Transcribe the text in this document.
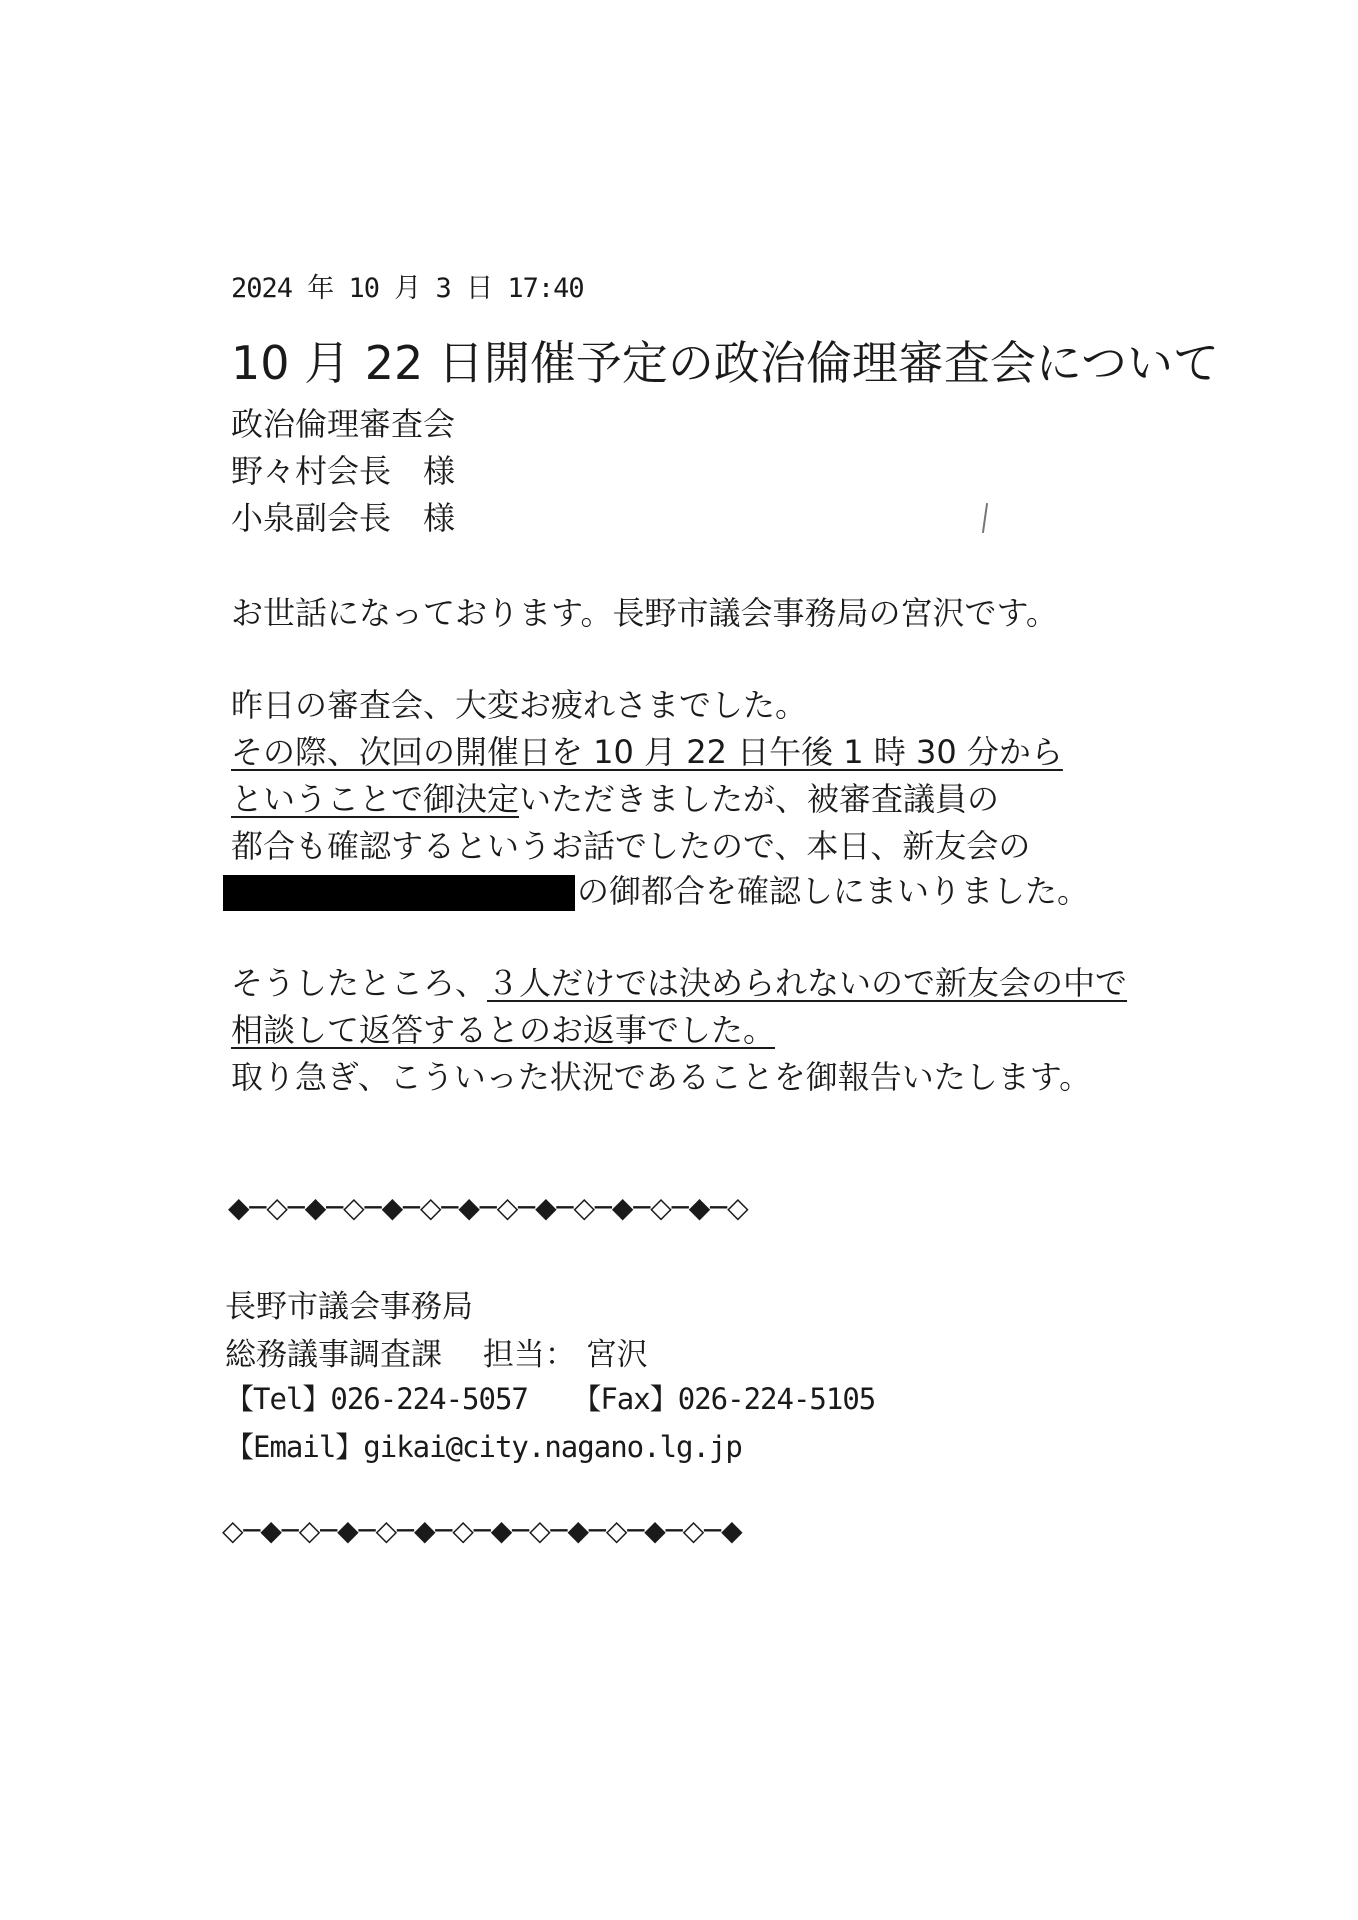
2024 年 10 月 3 日 17:40
10 月 22 日開催予定の政治倫理審査会について
政治倫理審査会
野々村会長　様
小泉副会長　様
お世話になっております。長野市議会事務局の宮沢です。
昨日の審査会、大変お疲れさまでした。
その際、次回の開催日を 10 月 22 日午後 1 時 30 分から
ということで御決定いただきましたが、被審査議員の
都合も確認するというお話でしたので、本日、新友会の
の御都合を確認しにまいりました。
そうしたところ、３人だけでは決められないので新友会の中で
相談して返答するとのお返事でした。
取り急ぎ、こういった状況であることを御報告いたします。
◆─◇─◆─◇─◆─◇─◆─◇─◆─◇─◆─◇─◆─◇
長野市議会事務局
総務議事調査課　 担当： 宮沢
【Tel】026-224-5057　 【Fax】026-224-5105
【Email】gikai@city.nagano.lg.jp
◇─◆─◇─◆─◇─◆─◇─◆─◇─◆─◇─◆─◇─◆
